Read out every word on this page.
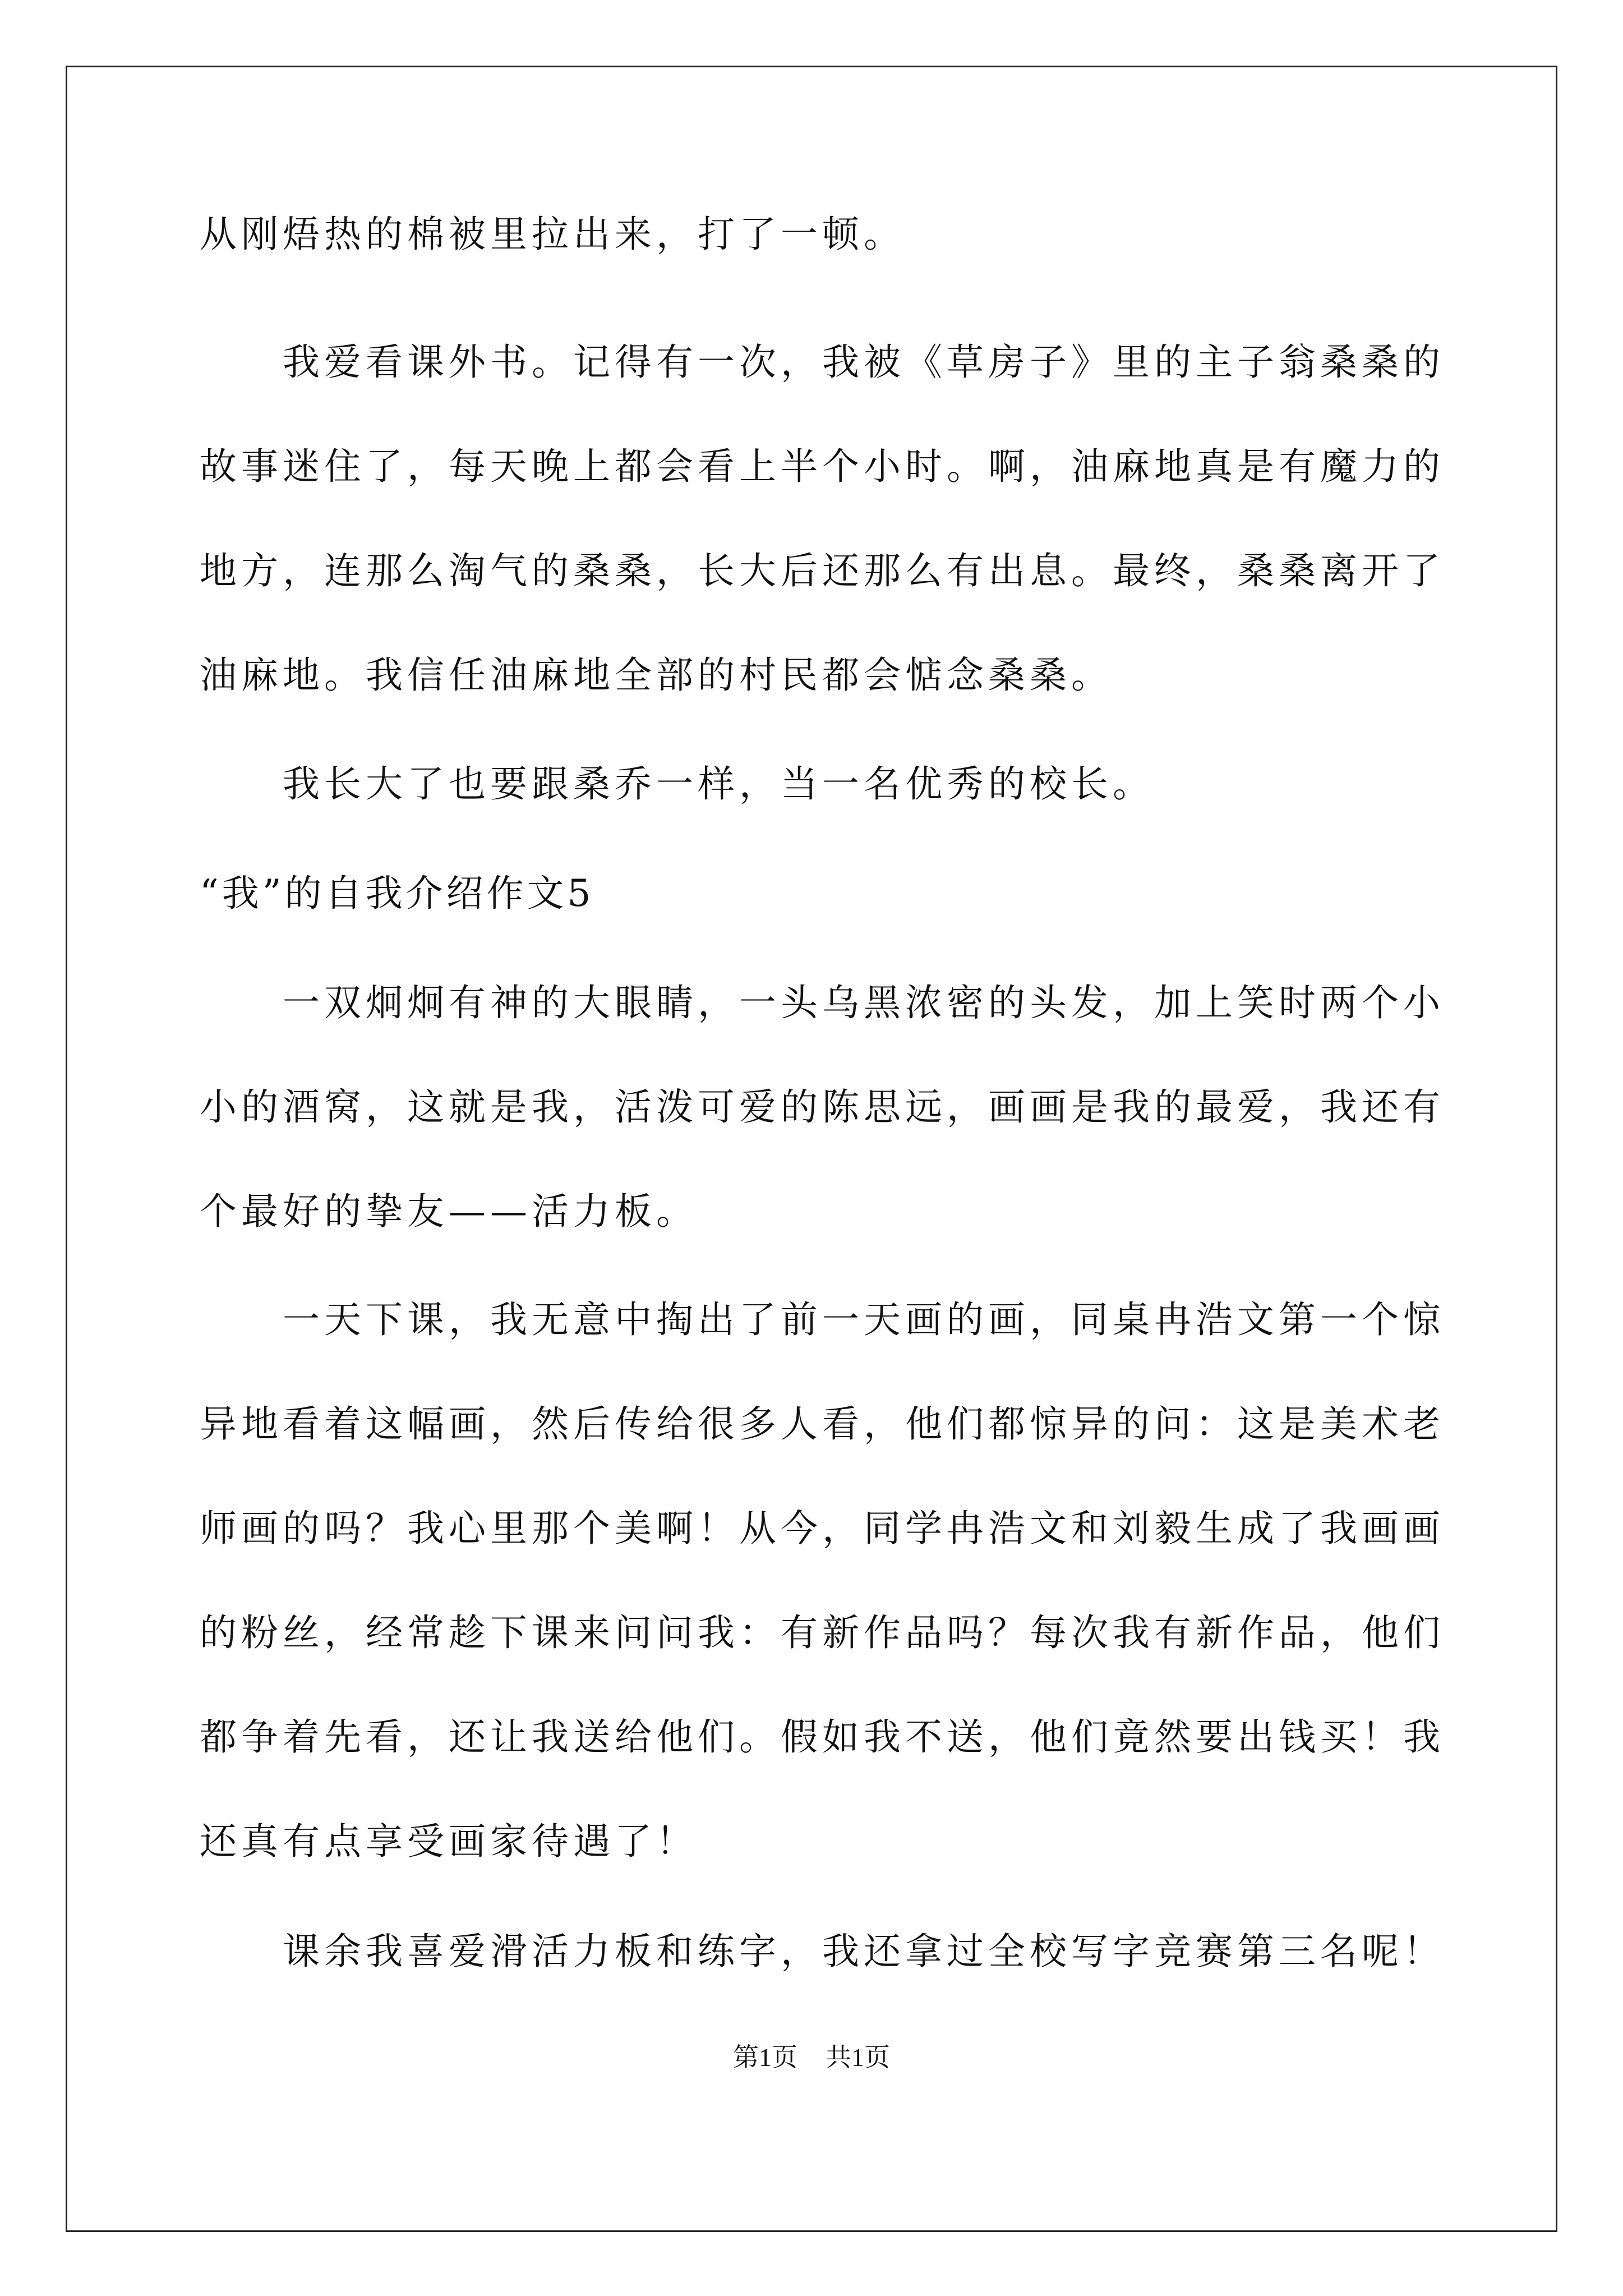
从刚焐热的棉被里拉出来，打了一顿。
我爱看课外书。记得有一次，我被《草房子》里的主子翁桑桑的
故事迷住了，每天晚上都会看上半个小时。啊，油麻地真是有魔力的
地方，连那么淘气的桑桑，长大后还那么有出息。最终，桑桑离开了
油麻地。我信任油麻地全部的村民都会惦念桑桑。
我长大了也要跟桑乔一样，当一名优秀的校长。
“我”的自我介绍作文5
一双炯炯有神的大眼睛，一头乌黑浓密的头发，加上笑时两个小
小的酒窝，这就是我，活泼可爱的陈思远，画画是我的最爱，我还有
个最好的挚友——活力板。
一天下课，我无意中掏出了前一天画的画，同桌冉浩文第一个惊
异地看着这幅画，然后传给很多人看，他们都惊异的问：这是美术老
师画的吗？我心里那个美啊！从今，同学冉浩文和刘毅生成了我画画
的粉丝，经常趁下课来问问我：有新作品吗？每次我有新作品，他们
都争着先看，还让我送给他们。假如我不送，他们竟然要出钱买！我
还真有点享受画家待遇了！
课余我喜爱滑活力板和练字，我还拿过全校写字竞赛第三名呢！
第1页 共1页
